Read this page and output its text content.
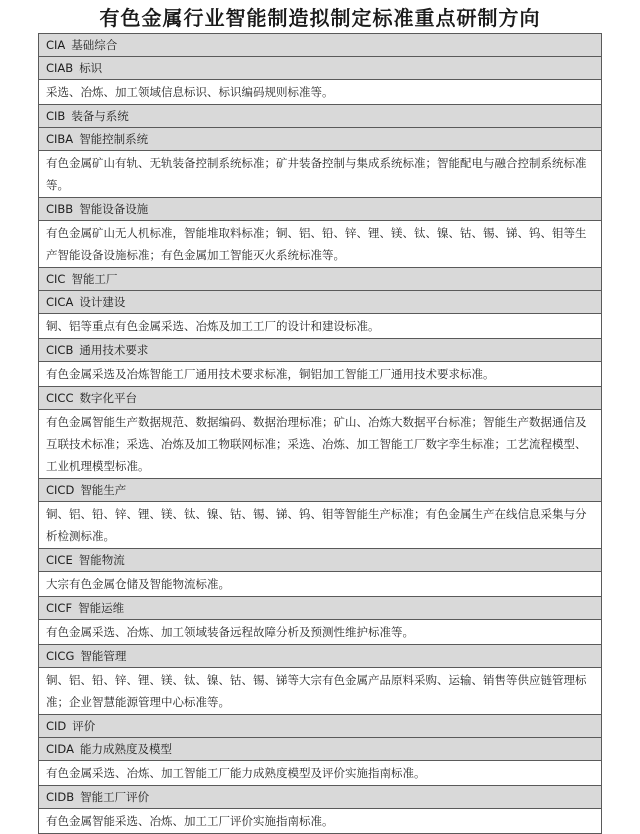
有色金属行业智能制造拟制定标准重点研制方向
CIA 基础综合
CIAB 标识
采选、冶炼、加工领域信息标识、标识编码规则标准等。
CIB 装备与系统
CIBA 智能控制系统
有色金属矿山有轨、无轨装备控制系统标准；矿井装备控制与集成系统标准；智能配电与融合控制系统标准等。
CIBB 智能设备设施
有色金属矿山无人机标准，智能堆取料标准；铜、铝、铅、锌、锂、镁、钛、镍、钴、锡、锑、钨、钼等生产智能设备设施标准；有色金属加工智能灭火系统标准等。
CIC 智能工厂
CICA 设计建设
铜、铝等重点有色金属采选、冶炼及加工工厂的设计和建设标准。
CICB 通用技术要求
有色金属采选及冶炼智能工厂通用技术要求标准，铜铝加工智能工厂通用技术要求标准。
CICC 数字化平台
有色金属智能生产数据规范、数据编码、数据治理标准；矿山、冶炼大数据平台标准；智能生产数据通信及互联技术标准；采选、冶炼及加工物联网标准；采选、冶炼、加工智能工厂数字孪生标准；工艺流程模型、工业机理模型标准。
CICD 智能生产
铜、铝、铅、锌、锂、镁、钛、镍、钴、锡、锑、钨、钼等智能生产标准；有色金属生产在线信息采集与分析检测标准。
CICE 智能物流
大宗有色金属仓储及智能物流标准。
CICF 智能运维
有色金属采选、冶炼、加工领域装备远程故障分析及预测性维护标准等。
CICG 智能管理
铜、铝、铅、锌、锂、镁、钛、镍、钴、锡、锑等大宗有色金属产品原料采购、运输、销售等供应链管理标准；企业智慧能源管理中心标准等。
CID 评价
CIDA 能力成熟度及模型
有色金属采选、冶炼、加工智能工厂能力成熟度模型及评价实施指南标准。
CIDB 智能工厂评价
有色金属智能采选、冶炼、加工工厂评价实施指南标准。
